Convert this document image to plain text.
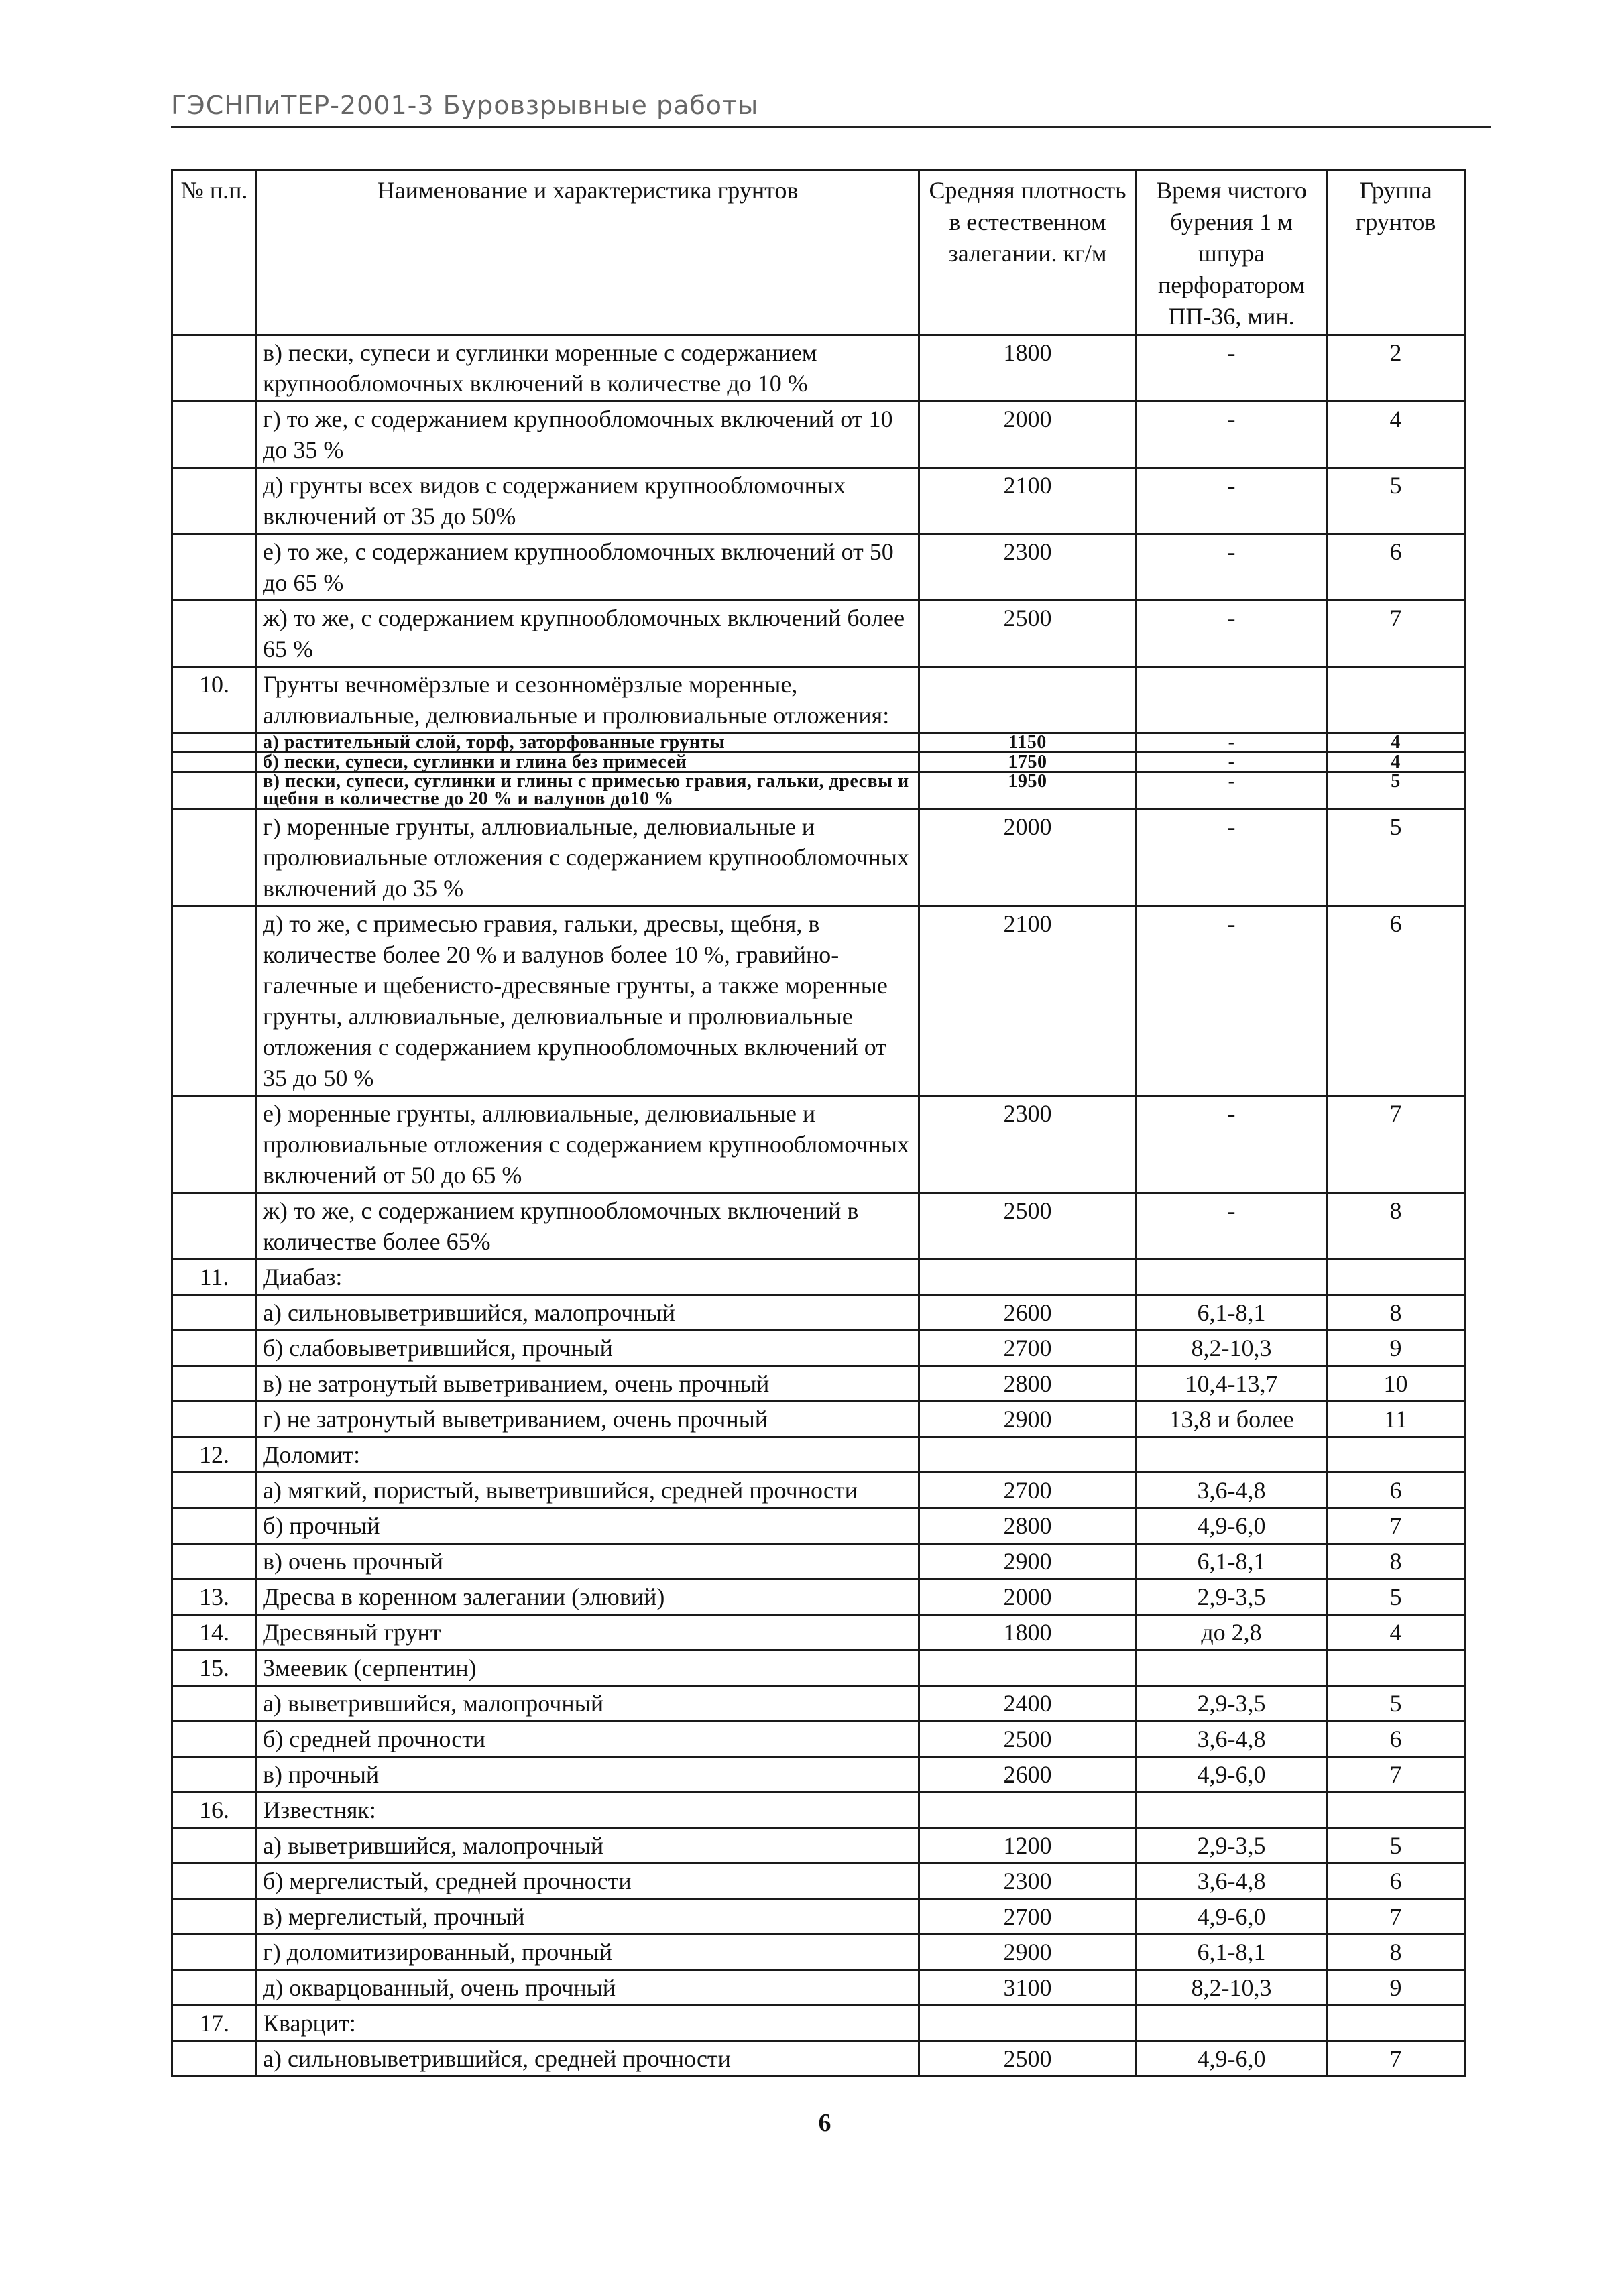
ГЭСНПиТЕР-2001-3 Буровзрывные работы
№ п.п.	Наименование и характеристика грунтов	Средняя плотность в естественном залегании. кг/м	Время чистого бурения 1 м шпура перфоратором ПП-36, мин.	Группа грунтов
	в) пески, супеси и суглинки моренные с содержанием крупнообломочных включений в количестве до 10 %	1800	-	2
	г) то же, с содержанием крупнообломочных включений от 10 до 35 %	2000	-	4
	д) грунты всех видов с содержанием крупнообломочных включений от 35 до 50%	2100	-	5
	е) то же, с содержанием крупнообломочных включений от 50 до 65 %	2300	-	6
	ж) то же, с содержанием крупнообломочных включений более 65 %	2500	-	7
10.	Грунты вечномёрзлые и сезонномёрзлые моренные, аллювиальные, делювиальные и пролювиальные отложения:			
	а) растительный слой, торф, заторфованные грунты	1150	-	4
	б) пески, супеси, суглинки и глина без примесей	1750	-	4
	в) пески, супеси, суглинки и глины с примесью гравия, гальки, дресвы и щебня в количестве до 20 % и валунов до10 %	1950	-	5
	г) моренные грунты, аллювиальные, делювиальные и пролювиальные отложения с содержанием крупнообломочных включений до 35 %	2000	-	5
	д) то же, с примесью гравия, гальки, дресвы, щебня, в количестве более 20 % и валунов более 10 %, гравийно-галечные и щебенисто-дресвяные грунты, а также моренные грунты, аллювиальные, делювиальные и пролювиальные отложения с содержанием крупнообломочных включений от 35 до 50 %	2100	-	6
	е) моренные грунты, аллювиальные, делювиальные и пролювиальные отложения с содержанием крупнообломочных включений от 50 до 65 %	2300	-	7
	ж) то же, с содержанием крупнообломочных включений в количестве более 65%	2500	-	8
11.	Диабаз:			
	а) сильновыветрившийся, малопрочный	2600	6,1-8,1	8
	б) слабовыветрившийся, прочный	2700	8,2-10,3	9
	в) не затронутый выветриванием, очень прочный	2800	10,4-13,7	10
	г) не затронутый выветриванием, очень прочный	2900	13,8 и более	11
12.	Доломит:			
	а) мягкий, пористый, выветрившийся, средней прочности	2700	3,6-4,8	6
	б) прочный	2800	4,9-6,0	7
	в) очень прочный	2900	6,1-8,1	8
13.	Дресва в коренном залегании (элювий)	2000	2,9-3,5	5
14.	Дресвяный грунт	1800	до 2,8	4
15.	Змеевик (серпентин)			
	а) выветрившийся, малопрочный	2400	2,9-3,5	5
	б) средней прочности	2500	3,6-4,8	6
	в) прочный	2600	4,9-6,0	7
16.	Известняк:			
	а) выветрившийся, малопрочный	1200	2,9-3,5	5
	б) мергелистый, средней прочности	2300	3,6-4,8	6
	в) мергелистый, прочный	2700	4,9-6,0	7
	г) доломитизированный, прочный	2900	6,1-8,1	8
	д) окварцованный, очень прочный	3100	8,2-10,3	9
17.	Кварцит:			
	а) сильновыветрившийся, средней прочности	2500	4,9-6,0	7
6
